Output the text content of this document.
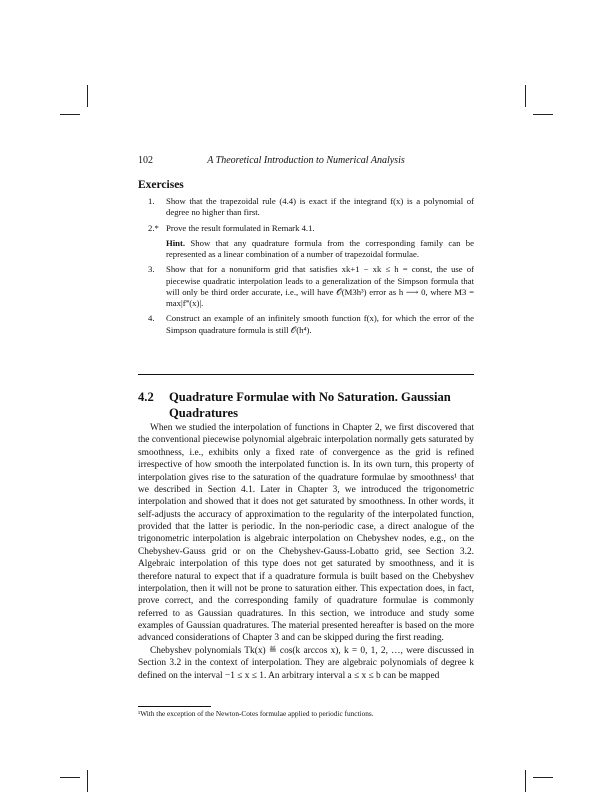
102	A Theoretical Introduction to Numerical Analysis
Exercises
1. Show that the trapezoidal rule (4.4) is exact if the integrand f(x) is a polynomial of degree no higher than first.
2.* Prove the result formulated in Remark 4.1.
Hint. Show that any quadrature formula from the corresponding family can be represented as a linear combination of a number of trapezoidal formulae.
3. Show that for a nonuniform grid that satisfies xk+1 − xk ≤ h = const, the use of piecewise quadratic interpolation leads to a generalization of the Simpson formula that will only be third order accurate, i.e., will have 𝒪(M3h³) error as h ⟶ 0, where M3 = max|f‴(x)|.
4. Construct an example of an infinitely smooth function f(x), for which the error of the Simpson quadrature formula is still 𝒪(h⁴).
4.2	Quadrature Formulae with No Saturation. Gaussian Quadratures

When we studied the interpolation of functions in Chapter 2, we first discovered that the conventional piecewise polynomial algebraic interpolation normally gets saturated by smoothness, i.e., exhibits only a fixed rate of convergence as the grid is refined irrespective of how smooth the interpolated function is. In its own turn, this property of interpolation gives rise to the saturation of the quadrature formulae by smoothness¹ that we described in Section 4.1. Later in Chapter 3, we introduced the trigonometric interpolation and showed that it does not get saturated by smoothness. In other words, it self-adjusts the accuracy of approximation to the regularity of the interpolated function, provided that the latter is periodic. In the non-periodic case, a direct analogue of the trigonometric interpolation is algebraic interpolation on Chebyshev nodes, e.g., on the Chebyshev-Gauss grid or on the Chebyshev-Gauss-Lobatto grid, see Section 3.2. Algebraic interpolation of this type does not get saturated by smoothness, and it is therefore natural to expect that if a quadrature formula is built based on the Chebyshev interpolation, then it will not be prone to saturation either. This expectation does, in fact, prove correct, and the corresponding family of quadrature formulae is commonly referred to as Gaussian quadratures. In this section, we introduce and study some examples of Gaussian quadratures. The material presented hereafter is based on the more advanced considerations of Chapter 3 and can be skipped during the first reading.

Chebyshev polynomials Tk(x) ≝ cos(k arccos x), k = 0, 1, 2, …, were discussed in Section 3.2 in the context of interpolation. They are algebraic polynomials of degree k defined on the interval −1 ≤ x ≤ 1. An arbitrary interval a ≤ x ≤ b can be mapped

¹With the exception of the Newton-Cotes formulae applied to periodic functions.
